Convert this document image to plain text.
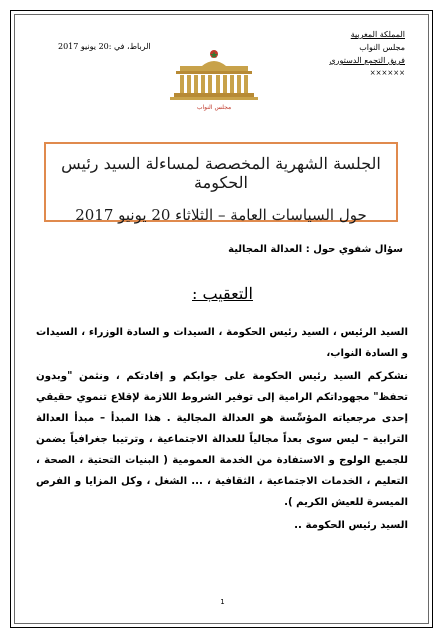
المملكة المغربية
مجلس النواب
فريق التجمع الدستوري
××××××
الرباط، في :20 يونيو 2017
مجلس النواب
الجلسة الشهرية المخصصة لمساءلة السيد رئيس الحكومة
حول السياسات العامة – الثلاثاء 20 يونيو 2017
سؤال شفوي حول : العدالة المجالية
التعقيب :

السيد الرئيس ، السيد رئيس الحكومة ، السيدات و السادة الوزراء ، السيدات و السادة النواب،

نشكركم السيد رئيس الحكومة على جوابكم و إفادتكم ، ونثمن "وبدون تحفظ" مجهوداتكم الرامية إلى توفير الشروط اللازمة لإقلاع تنموي حقيقي إحدى مرجعياته المؤسِّسة هو العدالة المجالية . هذا المبدأ – مبدأ العدالة الترابية – ليس سوى بعداً مجالياً للعدالة الاجتماعية ، وترتيبا جغرافياً يضمن للجميع الولوج و الاستفادة من الخدمة العمومية ( البنيات التحتية ، الصحة ، التعليم ، الخدمات الاجتماعية ، الثقافية ، ... الشغل ، وكل المزايا و الفرص الميسرة للعيش الكريم ).

السيد رئيس الحكومة ..

1
